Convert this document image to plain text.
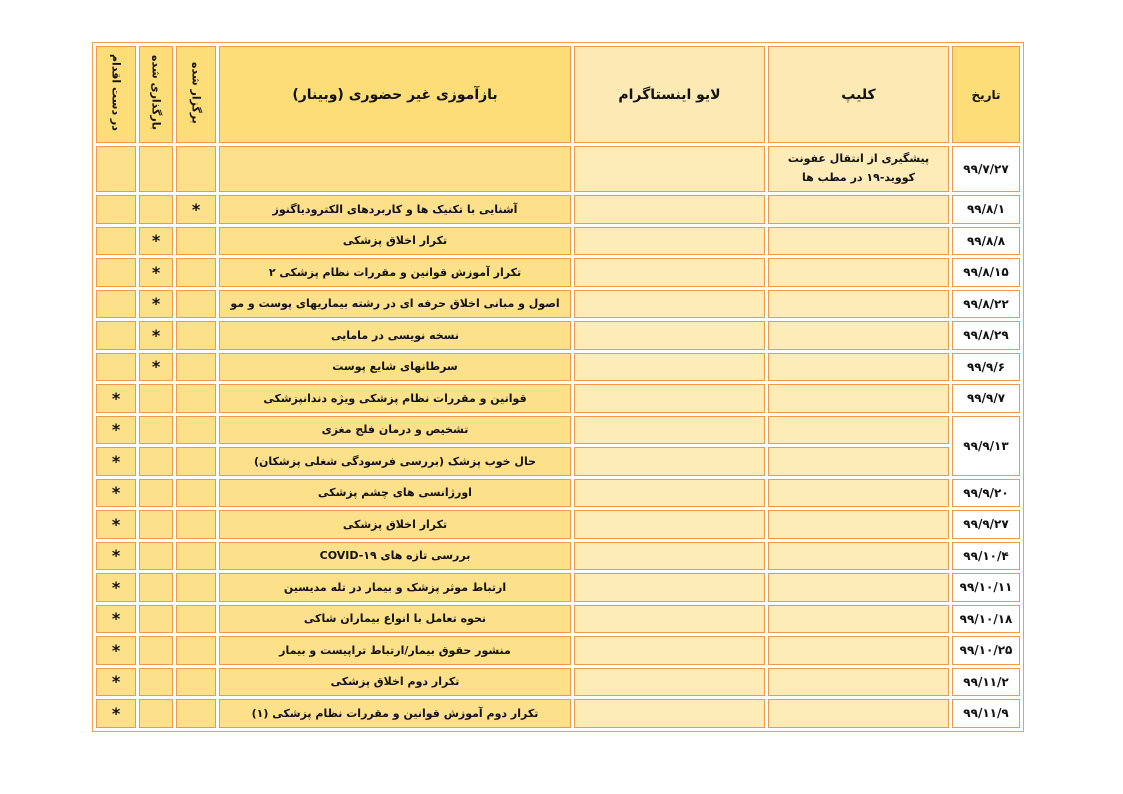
در دست اقدام	بارگذاری شده	برگزار شده	بازآموزی غیر حضوری (وبینار)	لایو اینستاگرام	کلیپ	تاریخ

					پیشگیری از انتقال عفونت کووید-۱۹ در مطب ها	۹۹/۷/۲۷
		*	آشنایی با تکنیک ها و کاربردهای الکترودیاگنوز			۹۹/۸/۱
	*		تکرار اخلاق پزشکی			۹۹/۸/۸
	*		تکرار آموزش قوانین و مقررات نظام پزشکی ۲			۹۹/۸/۱۵
	*		اصول و مبانی اخلاق حرفه ای در رشته بیماریهای پوست و مو			۹۹/۸/۲۲
	*		نسخه نویسی در مامایی			۹۹/۸/۲۹
	*		سرطانهای شایع پوست			۹۹/۹/۶
*			قوانین و مقررات نظام پزشکی ویژه دندانپزشکی			۹۹/۹/۷
*			تشخیص و درمان فلج مغزی			۹۹/۹/۱۳
*			حال خوب پزشک (بررسی فرسودگی شغلی پزشکان)			

*			اورژانسی های چشم پزشکی			۹۹/۹/۲۰
*			تکرار اخلاق پزشکی			۹۹/۹/۲۷
*			بررسی تازه های COVID-۱۹			۹۹/۱۰/۴
*			ارتباط موثر پزشک و بیمار در تله مدیسین			۹۹/۱۰/۱۱
*			نحوه تعامل با انواع بیماران شاکی			۹۹/۱۰/۱۸
*			منشور حقوق بیمار/ارتباط تراپیست و بیمار			۹۹/۱۰/۲۵
*			تکرار دوم اخلاق پزشکی			۹۹/۱۱/۲
*			تکرار دوم آموزش قوانین و مقررات نظام پزشکی (۱)			۹۹/۱۱/۹
